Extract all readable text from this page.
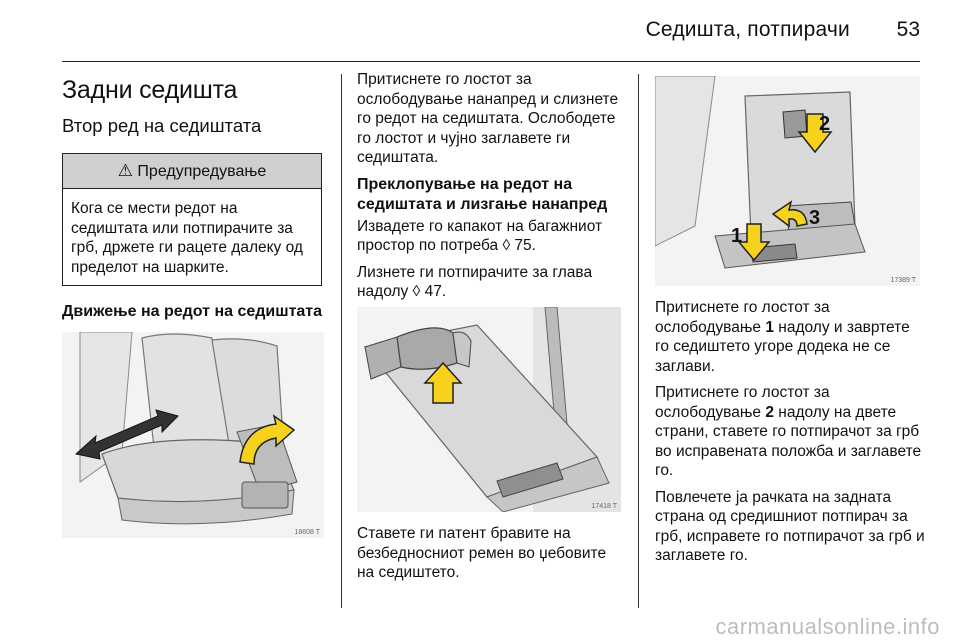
Седишта, потпирачи 53
Задни седишта
Втор ред на седиштата
⚠ Предупредување
Кога се мести редот на седиштата или потпирачите за грб, држете ги рацете далеку од пределот на шарките.
Движење на редот на седиштата
18608 T

Притиснете го лостот за ослободување нанапред и слизнете го редот на седиштата. Ослободете го лостот и чујно заглавете ги седиштата.

Преклопување на редот на седиштата и лизгање нанапред

Извадете го капакот на багажниот простор по потреба ◊ 75.

Лизнете ги потпирачите за глава надолу ◊ 47.

17418 T

Ставете ги патент бравите на безбедносниот ремен во џебовите на седиштето.

2
3
1
17389 T

Притиснете го лостот за ослободување 1 надолу и завртете го седиштето угоре додека не се заглави.

Притиснете го лостот за ослободување 2 надолу на двете страни, ставете го потпирачот за грб во исправената положба и заглавете го.

Повлечете ја рачката на задната страна од средишниот потпирач за грб, исправете го потпирачот за грб и заглавете го.

carmanualsonline.info
